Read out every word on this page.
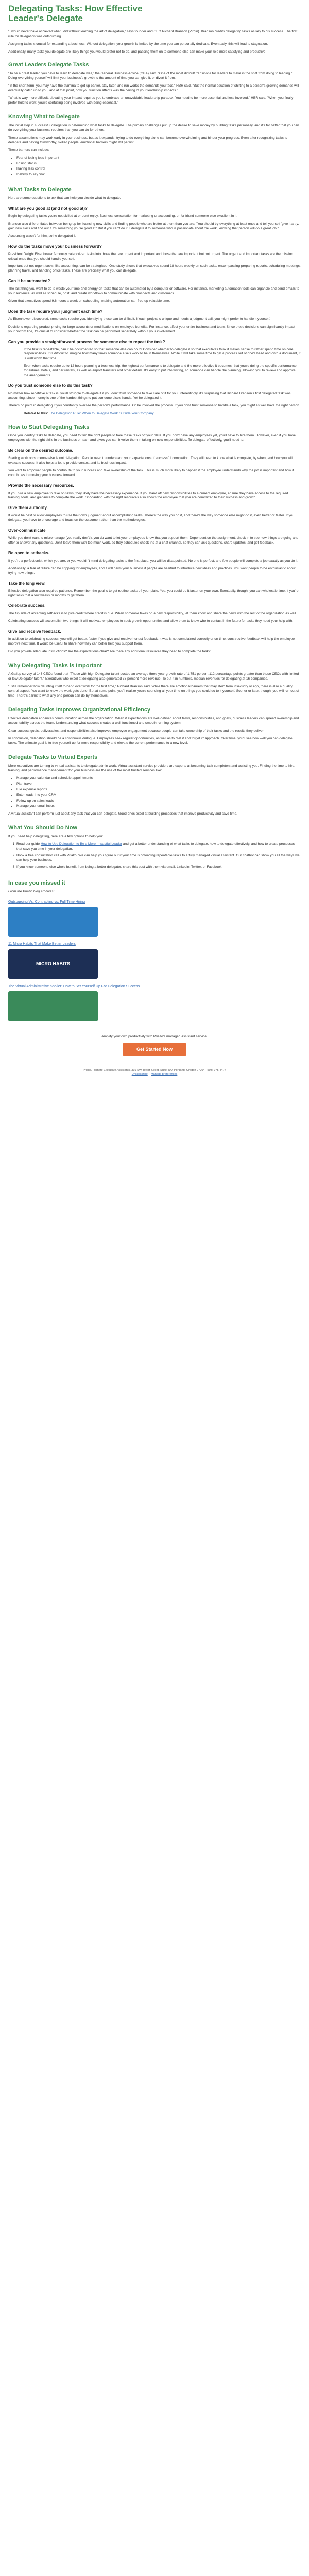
Delegating Tasks: How Effective Leader's Delegate

"I would never have achieved what I did without learning the art of delegation," says founder and CEO Richard Branson (Virgin). Branson credits delegating tasks as key to his success. The first rule for delegation was outsourcing.

Assigning tasks is crucial for expanding a business. Without delegation, your growth is limited by the time you can personally dedicate. Eventually, this will lead to stagnation.

Additionally, many tasks you delegate are likely things you would prefer not to do, and passing them on to someone else can make your role more satisfying and productive.

Great Leaders Delegate Tasks

"To be a great leader, you have to learn to delegate well," the General Business Advice (GBA) said. "One of the most difficult transitions for leaders to make is the shift from doing to leading." Doing everything yourself will limit your business's growth to the amount of time you can give it, or divert it from.

"In the short term, you may have the stamina to get up earlier, stay later, and run works the demands you face," HBR said. "But the normal equation of shifting to a person's growing demands will eventually catch up to you, and at that point, how you function affects was the ceiling of your leadership impacts."

"What is way more difficult, elevating your impact requires you to embrace an unavoidable leadership paradox: You need to be more essential and less involved," HBR said. "When you finally prefer hold to work, you're confusing being involved with being essential."

Knowing What to Delegate

The initial step in successful delegation is determining what tasks to delegate. The primary challenges put up the desire to save money by building tasks personally, and it's far better that you can do everything your business requires than you can do for others.

These assumptions may work early in your business, but as it expands, trying to do everything alone can become overwhelming and hinder your progress. Even after recognizing tasks to delegate and having trustworthy, skilled people, emotional barriers might still persist.

These barriers can include:

• Fear of losing less important
• Losing status
• Having less control
• Inability to say "no"
What Tasks to Delegate

Here are some questions to ask that can help you decide what to delegate.

What are you good at (and not good at)?

Begin by delegating tasks you're not skilled at or don't enjoy. Business consultation for marketing or accounting, or for friend someone else excellent in it.

Branson also differentiates between being up for licensing new skills and finding people who are better at them than you are: "You should try everything at least once and tell yourself 'give it a try, gain new skills and find out if it's something you're good at.' But if you can't do it, I delegate it to someone who is passionate about the work, knowing that person will do a great job."

Accounting wasn't for him, so he delegated it.

How do the tasks move your business forward?

President Dwight Eisenhower famously categorized tasks into those that are urgent and important and those that are important but not urgent. The urgent and important tasks are the mission critical ones that you should handle yourself.

Important but not urgent tasks, like accounting, can be strategized. One study shows that executives spend 18 hours weekly on such tasks, encompassing preparing reports, scheduling meetings, planning travel, and handling office tasks. These are precisely what you can delegate.

Can it be automated?

The last thing you want to do is waste your time and energy on tasks that can be automated by a computer or software. For instance, marketing automation tools can organize and send emails to your audience, as well as schedule, post, and create workflows to communicate with prospects and customers.

Given that executives spend 9.6 hours a week on scheduling, making automation can free up valuable time.

Does the task require your judgment each time?

As Eisenhower discovered, some tasks require you, identifying these can be difficult. If each project is unique and needs a judgment call, you might prefer to handle it yourself.

Decisions regarding product pricing for large accounts or modifications on employee benefits. For instance, affect your entire business and team. Since these decisions can significantly impact your bottom line, it's crucial to consider whether the task can be performed separately without your involvement.

Can you provide a straightforward process for someone else to repeat the task?

If the task is repeatable, can it be documented so that someone else can do it? Consider whether to delegate it so that executives think it makes sense to rather spend time on core responsibilities. It is difficult to imagine how many times someone else's work to be in themselves. While it will take some time to get a process out of one's head and onto a document, it is well worth that time.

Even when tasks require up to 12 hours planning a business trip, the highest performance is to delegate and the more effective it becomes, that you're doing the specific performance for airlines, hotels, and car rentals, as well as airport transfers and other details. It's easy to put into writing, so someone can handle the planning, allowing you to review and approve the arrangements.

Do you trust someone else to do this task?

No matter how repetitive a task is, you'll struggle to delegate it if you don't trust someone to take care of it for you. Interestingly, it's surprising that Richard Branson's first delegated task was accounting, since money is one of the hardest things to put someone else's hands. Yet he delegated it.

There's no point in delegating if you constantly oversee the person's performance. Or be involved the process. If you don't trust someone to handle a task, you might as well have the right person.

Related to this: The Delegation Rule: When to Delegate Work Outside Your Company
How to Start Delegating Tasks

Once you identify tasks to delegate, you need to find the right people to take these tasks off your plate. If you don't have any employees yet, you'll have to hire them. However, even if you have employees with the right skills in the business or team and gives you can involve them in taking on new responsibilities. To delegate effectively, you'll need to:

Be clear on the desired outcome.

Starting work on someone else is not delegating. People need to understand your expectations of successful completion. They will need to know what is complete, by when, and how you will evaluate success. It also helps a lot to provide context and its business impact.

You want to empower people to contribute to your success and take ownership of the task. This is much more likely to happen if the employee understands why the job is important and how it contributes to moving your business forward.

Provide the necessary resources.

If you hire a new employee to take on tasks, they likely have the necessary experience. If you hand off new responsibilities to a current employee, ensure they have access to the required training, tools, and guidance to complete the work. Onboarding with the right resources also shows the employee that you are committed to their success and growth.

Give them authority.

It would be best to allow employees to use their own judgment about accomplishing tasks. There's the way you do it, and there's the way someone else might do it, even better or faster. If you delegate, you have to encourage and focus on the outcome, rather than the methodologies.

Over-communicate

While you don't want to micromanage (you really don't!), you do want to let your employees know that you support them. Dependent on the assignment, check in to see how things are going and offer to answer any questions. Don't leave them with too much work, so they scheduled check-ins at a chat channel, so they can ask questions, share updates, and get feedback.

Be open to setbacks.

If you're a perfectionist, which you are, or you wouldn't mind delegating tasks to the first place, you will be disappointed. No one is perfect, and few people will complete a job exactly as you do it.

Additionally, a fear of failure can be crippling for employees, and it will harm your business if people are hesitant to introduce new ideas and practices. You want people to be enthusiastic about trying new things.

Take the long view.

Effective delegation also requires patience. Remember, the goal is to get routine tasks off your plate. Yes, you could do it faster on your own. Eventually, though, you can wholesale time, if you're right tasks that a few weeks or months to get them.

Celebrate success.

The flip side of accepting setbacks is to give credit where credit is due. When someone takes on a new responsibility, let them know and share the news with the rest of the organization as well.

Celebrating success will accomplish two things: it will motivate employees to seek growth opportunities and allow them to know who to contact in the future for tasks they need your help with.

Give and receive feedback.

In addition to celebrating success, you will get better, faster if you give and receive honest feedback. It was is not complained correctly or on time, constructive feedback will help the employee improve next time. It would be useful to share how they can better help you support them.

Did you provide adequate instructions? Are the expectations clear? Are there any additional resources they need to complete the task?

Why Delegating Tasks is Important

A Gallup survey of 143 CEOs found that "Those with high Delegator talent posted an average three-year growth rate of 1,751 percent 112 percentage points greater than those CEOs with limited or low Delegator talent." Executives who excel at delegating also generated 33 percent more revenue. To put it in numbers, median revenues for delegating at 16 companies.

"I still remember how daunting it felt to hand over work for the first time," Richard Branson said. While there are emotional barriers that may stem from insecurity or ego, there is also a quality control aspect. You want to know the work gets done. But at some point, you'll realize you're spending all your time on things you could do to it yourself. Sooner or later, though, you will run out of time. There's a limit to what any one person can do by themselves.

Delegating Tasks Improves Organizational Efficiency

Effective delegation enhances communication across the organization. When it expectations are well-defined about tasks, responsibilities, and goals, business leaders can spread ownership and accountability across the team. Understanding what success creates a well-functioned and smooth-running system.

Clear success goals, deliverables, and responsibilities also improves employee engagement because people can take ownership of their tasks and the results they deliver.

In conclusion, delegation should be a continuous dialogue. Employees seek regular opportunities, as well as to "set it and forget it" approach. Over time, you'll see how well you can delegate tasks. The ultimate goal is to free yourself up for more responsibility and elevate the current performance to a new level.

Delegate Tasks to Virtual Experts

More executives are turning to virtual assistants to delegate admin work. Virtual assistant service providers are experts at becoming task completers and assisting you. Finding the time to hire, training, and performance management for your business are the use of the most trusted services like:

• Manage your calendar and schedule appointments
• Plan travel
• File expense reports
• Enter leads into your CRM
• Follow up on sales leads
• Manage your email inbox

A virtual assistant can perform just about any task that you can delegate. Good ones excel at building processes that improve productivity and save time.

What You Should Do Now

If you need help delegating, here are a few options to help you:

1. Read our guide How to Use Delegation to Be a More Impactful Leader and get a better understanding of what tasks to delegate, how to delegate effectively, and how to create processes that save you time in your delegation.
2. Book a free consultation call with Prialto. We can help you figure out if your time is offloading repeatable tasks to a fully managed virtual assistant. Our chatbot can show you all the ways we can help your business.
3. If you know someone else who'd benefit from being a better delegator, share this post with them via email, Linkedin, Twitter, or Facebook.
In case you missed it

From the Prialto blog archives:

Outsourcing Vs. Contracting vs. Full Time Hiring
11 Micro Habits That Make Better Leaders
MICRO HABITS
The Virtual Administrative Spoiler: How to Set Yourself Up For Delegation Success

Amplify your own productivity with Prialto's managed assistant service.

Get Started Now
Prialto, Remote Executive Assistants, 319 SW Taylor Street, Suite 400, Portland, Oregon 97204, (503) 975-4474
Unsubscribe Manage preferences
